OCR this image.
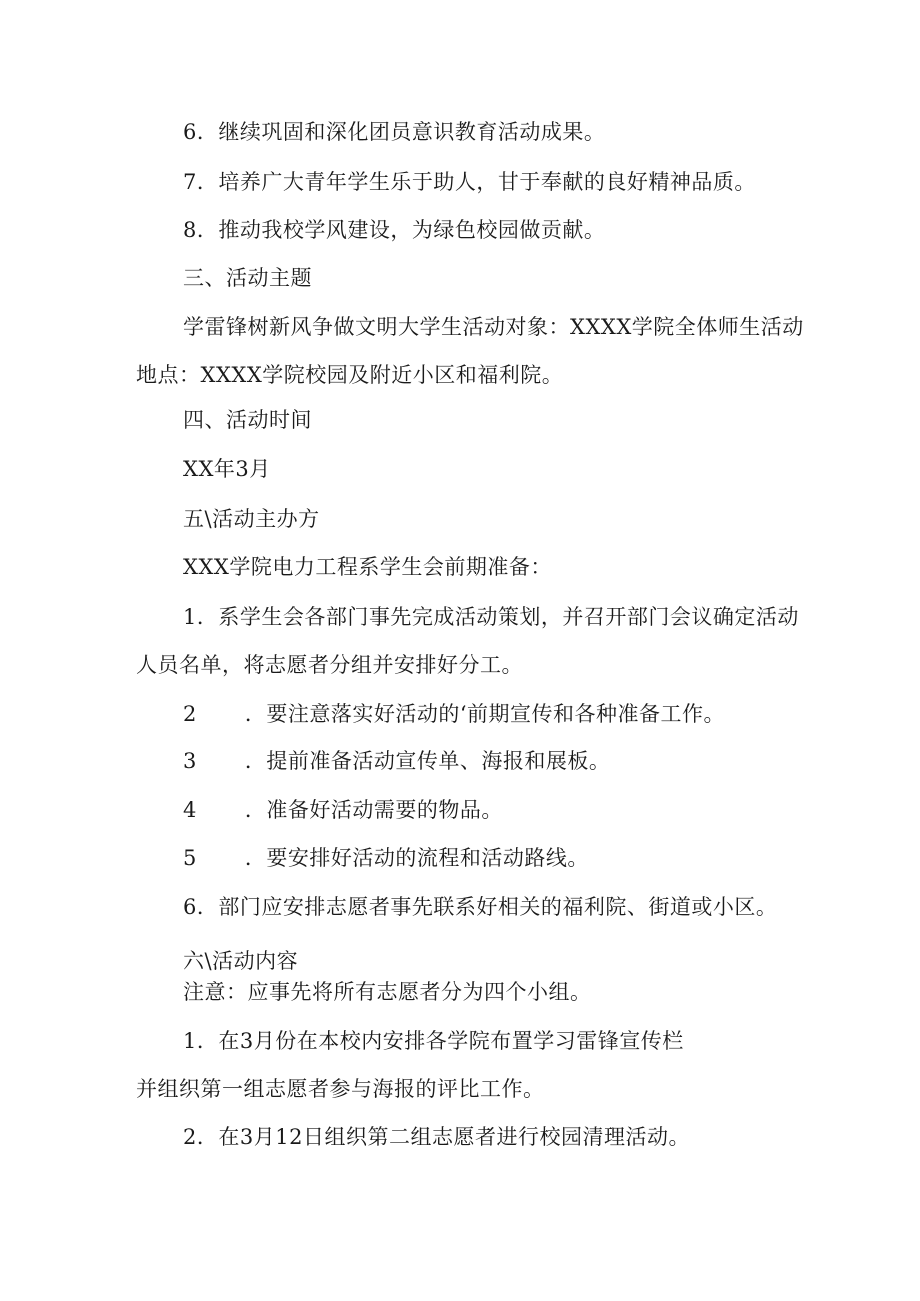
6．继续巩固和深化团员意识教育活动成果。
7．培养广大青年学生乐于助人，甘于奉献的良好精神品质。
8．推动我校学风建设，为绿色校园做贡献。
三、活动主题
学雷锋树新风争做文明大学生活动对象：XXXX学院全体师生活动
地点：XXXX学院校园及附近小区和福利院。
四、活动时间
XX年3月
五\活动主办方
XXX学院电力工程系学生会前期准备：
1．系学生会各部门事先完成活动策划，并召开部门会议确定活动
人员名单，将志愿者分组并安排好分工。
2 ．要注意落实好活动的‘前期宣传和各种准备工作。
3 ．提前准备活动宣传单、海报和展板。
4 ．准备好活动需要的物品。
5 ．要安排好活动的流程和活动路线。
6．部门应安排志愿者事先联系好相关的福利院、街道或小区。
六\活动内容
注意：应事先将所有志愿者分为四个小组。
1．在3月份在本校内安排各学院布置学习雷锋宣传栏
并组织第一组志愿者参与海报的评比工作。
2．在3月12日组织第二组志愿者进行校园清理活动。
